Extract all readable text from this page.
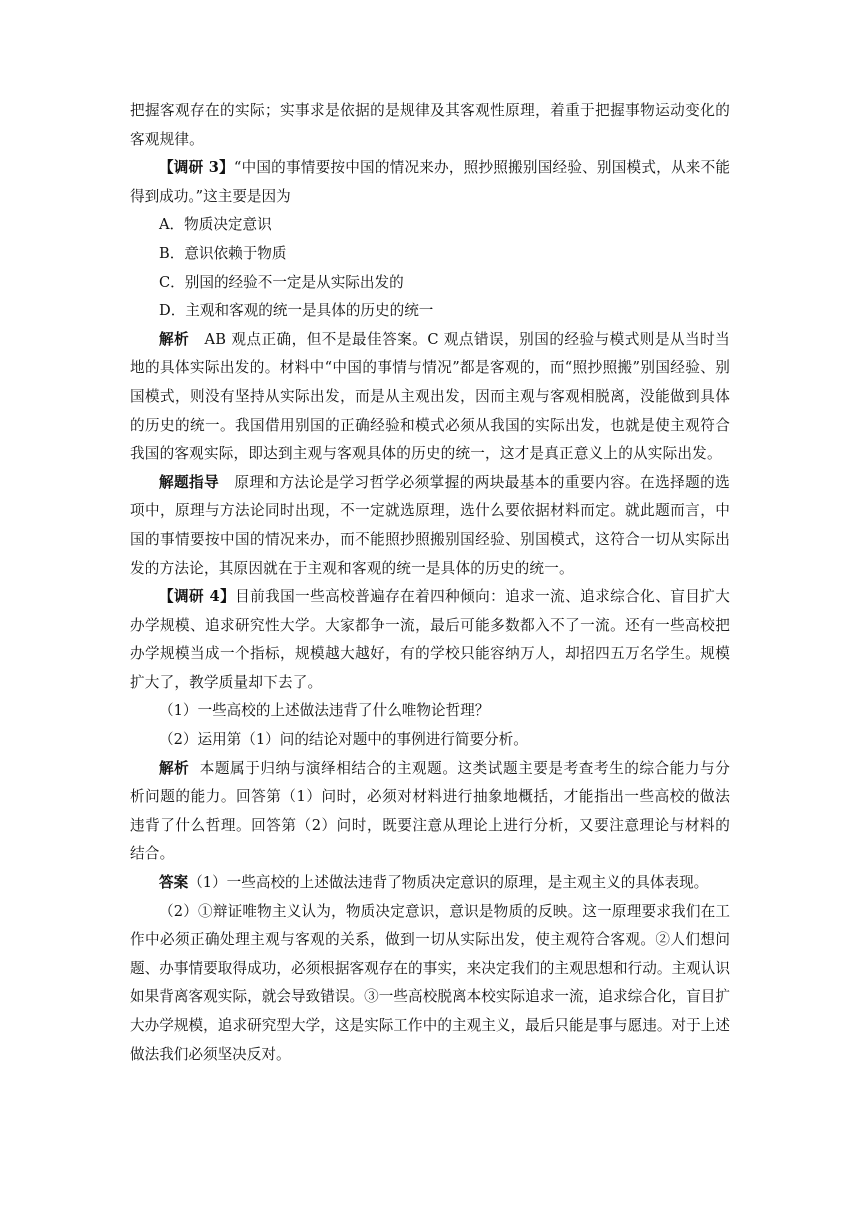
把握客观存在的实际；实事求是依据的是规律及其客观性原理，着重于把握事物运动变化的客观规律。

【调研 3】“中国的事情要按中国的情况来办，照抄照搬别国经验、别国模式，从来不能得到成功。”这主要是因为

A．物质决定意识

B．意识依赖于物质

C．别国的经验不一定是从实际出发的

D．主观和客观的统一是具体的历史的统一

解析 AB 观点正确，但不是最佳答案。C 观点错误，别国的经验与模式则是从当时当地的具体实际出发的。材料中“中国的事情与情况”都是客观的，而“照抄照搬”别国经验、别国模式，则没有坚持从实际出发，而是从主观出发，因而主观与客观相脱离，没能做到具体的历史的统一。我国借用别国的正确经验和模式必须从我国的实际出发，也就是使主观符合我国的客观实际，即达到主观与客观具体的历史的统一，这才是真正意义上的从实际出发。

解题指导 原理和方法论是学习哲学必须掌握的两块最基本的重要内容。在选择题的选项中，原理与方法论同时出现，不一定就选原理，选什么要依据材料而定。就此题而言，中国的事情要按中国的情况来办，而不能照抄照搬别国经验、别国模式，这符合一切从实际出发的方法论，其原因就在于主观和客观的统一是具体的历史的统一。

【调研 4】目前我国一些高校普遍存在着四种倾向：追求一流、追求综合化、盲目扩大办学规模、追求研究性大学。大家都争一流，最后可能多数都入不了一流。还有一些高校把办学规模当成一个指标，规模越大越好，有的学校只能容纳万人，却招四五万名学生。规模扩大了，教学质量却下去了。

（1）一些高校的上述做法违背了什么唯物论哲理？

（2）运用第（1）问的结论对题中的事例进行简要分析。

解析 本题属于归纳与演绎相结合的主观题。这类试题主要是考查考生的综合能力与分析问题的能力。回答第（1）问时，必须对材料进行抽象地概括，才能指出一些高校的做法违背了什么哲理。回答第（2）问时，既要注意从理论上进行分析，又要注意理论与材料的结合。

答案（1）一些高校的上述做法违背了物质决定意识的原理，是主观主义的具体表现。

（2）①辩证唯物主义认为，物质决定意识，意识是物质的反映。这一原理要求我们在工作中必须正确处理主观与客观的关系，做到一切从实际出发，使主观符合客观。②人们想问题、办事情要取得成功，必须根据客观存在的事实，来决定我们的主观思想和行动。主观认识如果背离客观实际，就会导致错误。③一些高校脱离本校实际追求一流，追求综合化，盲目扩大办学规模，追求研究型大学，这是实际工作中的主观主义，最后只能是事与愿违。对于上述做法我们必须坚决反对。
